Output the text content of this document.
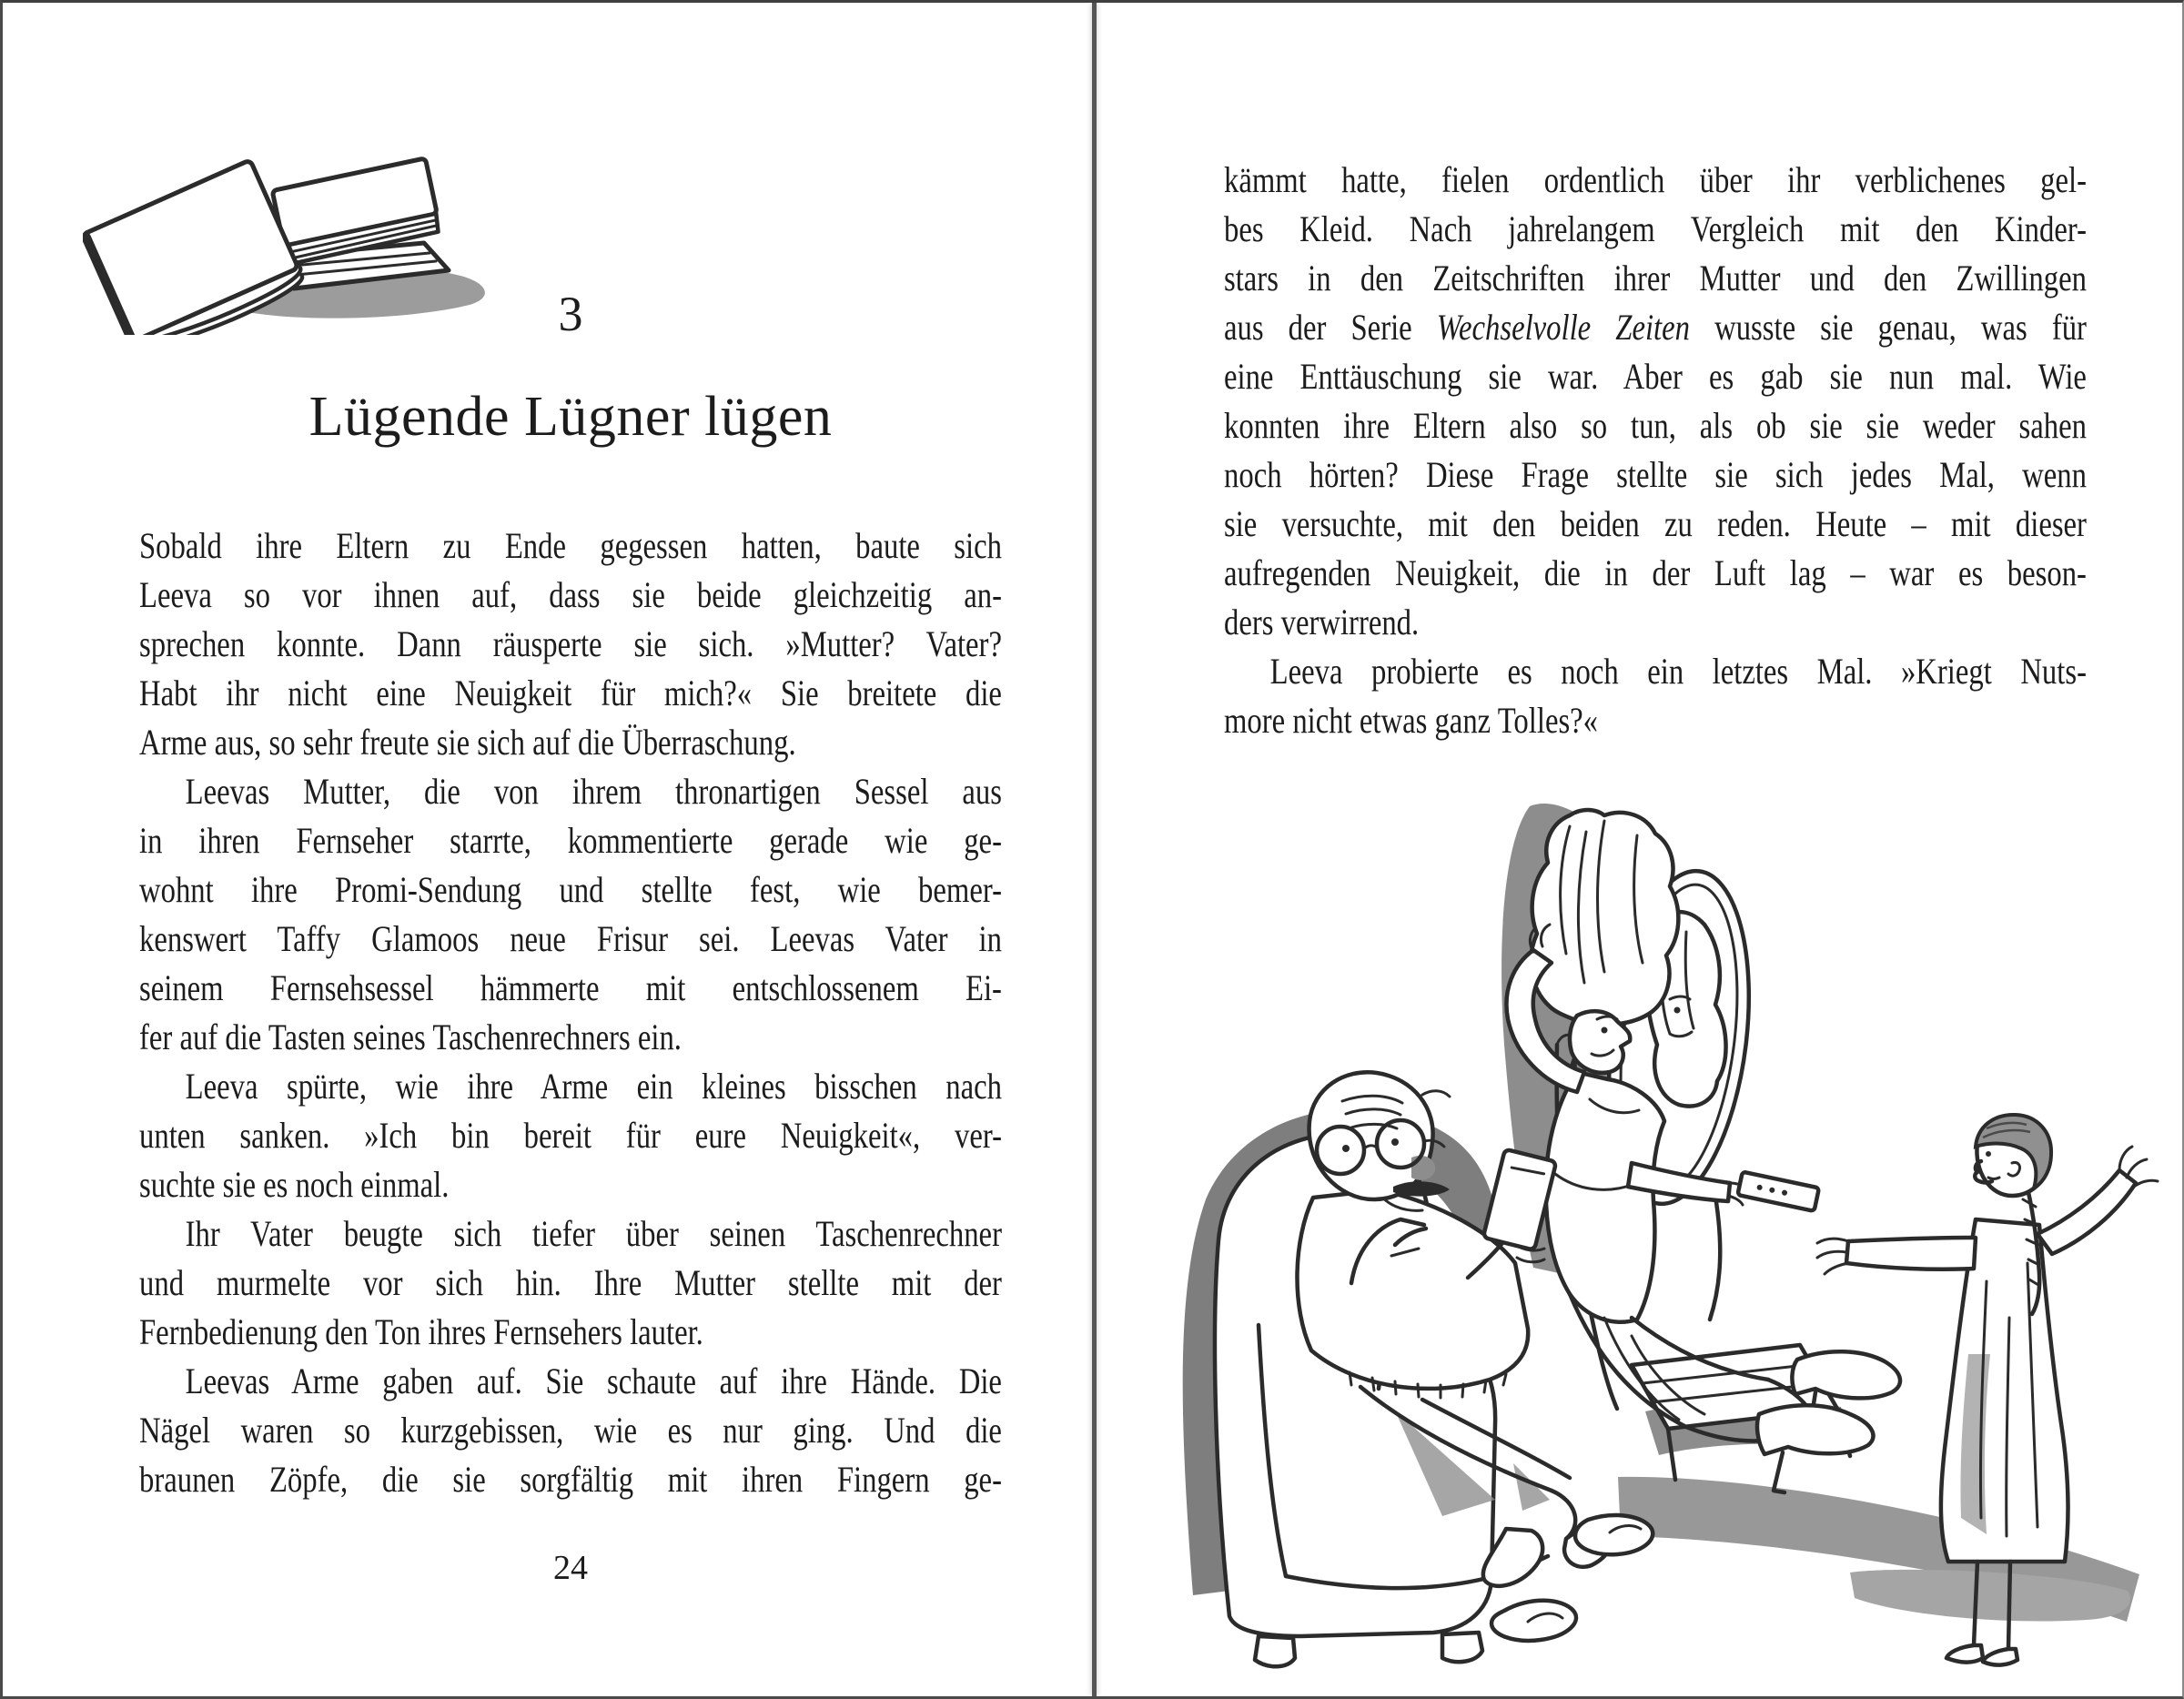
3
Lügende Lügner lügen
Sobald ihre Eltern zu Ende gegessen hatten, baute sich
Leeva so vor ihnen auf, dass sie beide gleichzeitig an-
sprechen konnte. Dann räusperte sie sich. »Mutter? Vater?
Habt ihr nicht eine Neuigkeit für mich?« Sie breitete die
Arme aus, so sehr freute sie sich auf die Überraschung.
Leevas Mutter, die von ihrem thronartigen Sessel aus
in ihren Fernseher starrte, kommentierte gerade wie ge-
wohnt ihre Promi-Sendung und stellte fest, wie bemer-
kenswert Taffy Glamoos neue Frisur sei. Leevas Vater in
seinem Fernsehsessel hämmerte mit entschlossenem Ei-
fer auf die Tasten seines Taschenrechners ein.
Leeva spürte, wie ihre Arme ein kleines bisschen nach
unten sanken. »Ich bin bereit für eure Neuigkeit«, ver-
suchte sie es noch einmal.
Ihr Vater beugte sich tiefer über seinen Taschenrechner
und murmelte vor sich hin. Ihre Mutter stellte mit der
Fernbedienung den Ton ihres Fernsehers lauter.
Leevas Arme gaben auf. Sie schaute auf ihre Hände. Die
Nägel waren so kurzgebissen, wie es nur ging. Und die
braunen Zöpfe, die sie sorgfältig mit ihren Fingern ge-
24
kämmt hatte, fielen ordentlich über ihr verblichenes gel-
bes Kleid. Nach jahrelangem Vergleich mit den Kinder-
stars in den Zeitschriften ihrer Mutter und den Zwillingen
aus der Serie Wechselvolle Zeiten wusste sie genau, was für
eine Enttäuschung sie war. Aber es gab sie nun mal. Wie
konnten ihre Eltern also so tun, als ob sie sie weder sahen
noch hörten? Diese Frage stellte sie sich jedes Mal, wenn
sie versuchte, mit den beiden zu reden. Heute – mit dieser
aufregenden Neuigkeit, die in der Luft lag – war es beson-
ders verwirrend.
Leeva probierte es noch ein letztes Mal. »Kriegt Nuts-
more nicht etwas ganz Tolles?«
